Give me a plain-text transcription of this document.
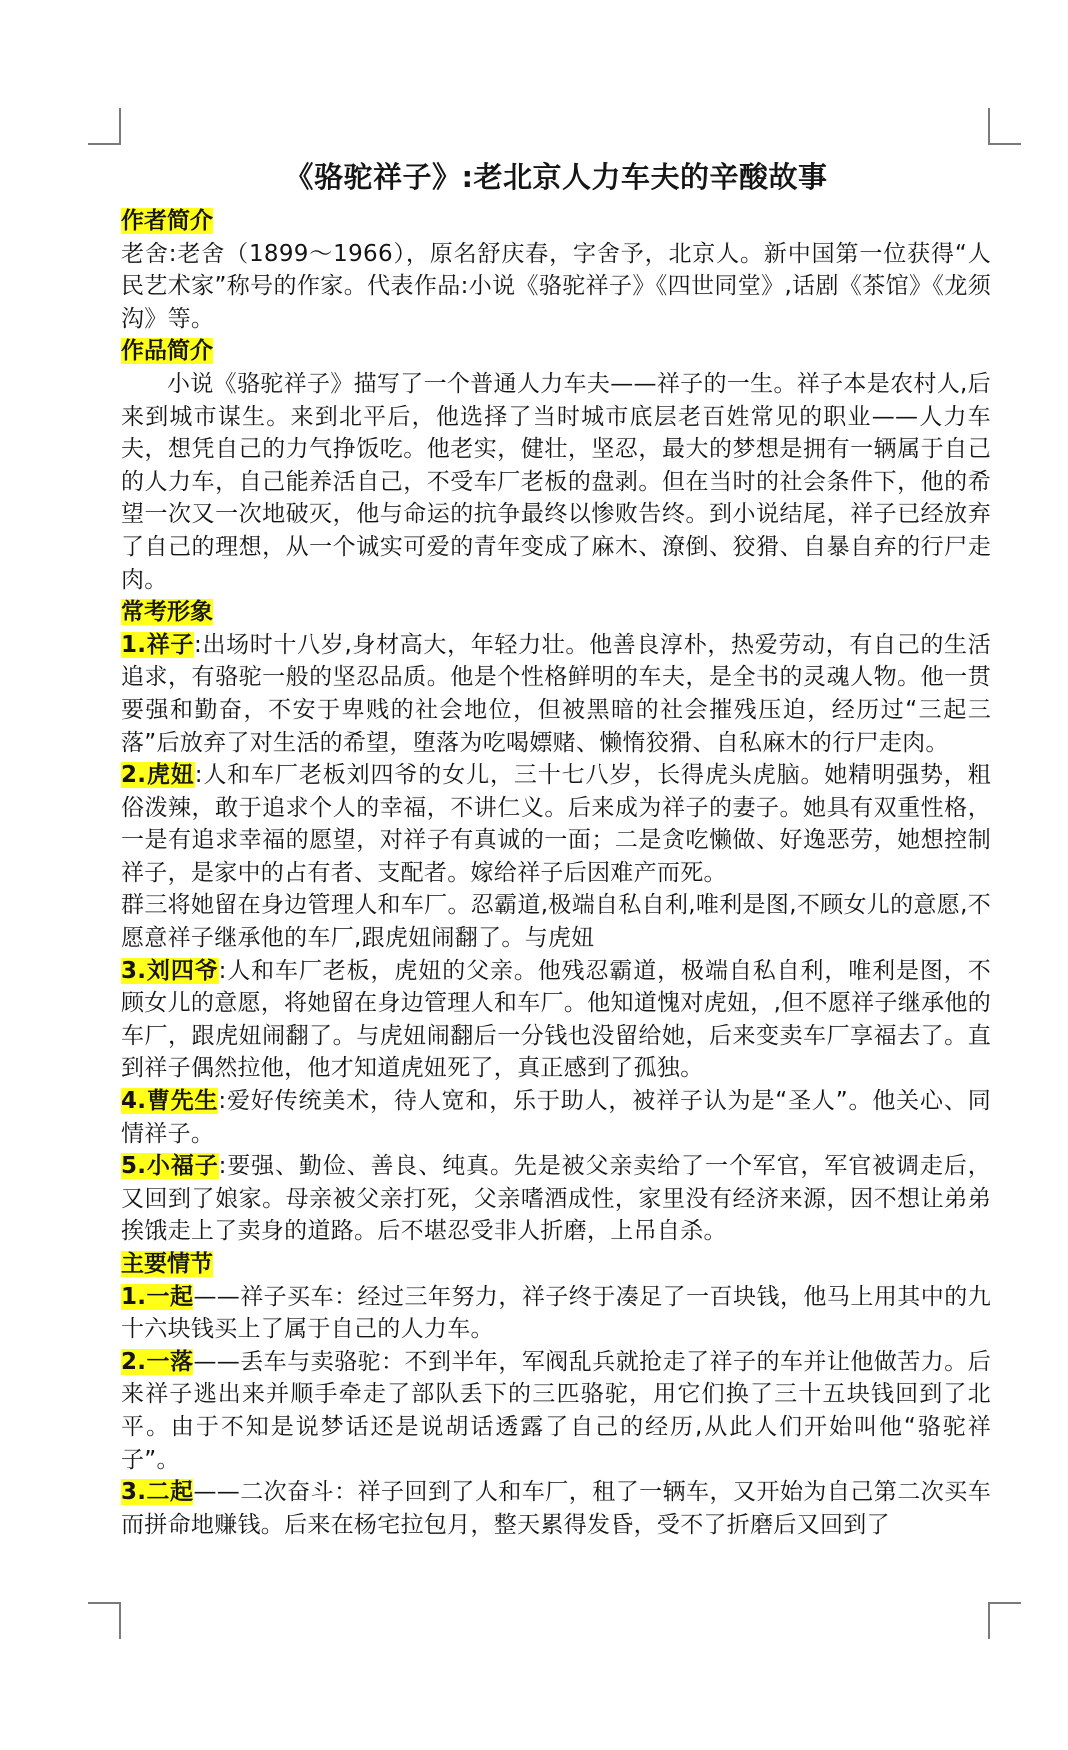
《骆驼祥子》:老北京人力车夫的辛酸故事

作者简介

老舍:老舍（1899～1966），原名舒庆春，字舍予，北京人。新中国第一位获得“人民艺术家”称号的作家。代表作品:小说《骆驼祥子》《四世同堂》,话剧《茶馆》《龙须沟》等。

作品简介

小说《骆驼祥子》描写了一个普通人力车夫——祥子的一生。祥子本是农村人,后来到城市谋生。来到北平后，他选择了当时城市底层老百姓常见的职业——人力车夫，想凭自己的力气挣饭吃。他老实，健壮，坚忍，最大的梦想是拥有一辆属于自己的人力车，自己能养活自己，不受车厂老板的盘剥。但在当时的社会条件下，他的希望一次又一次地破灭，他与命运的抗争最终以惨败告终。到小说结尾，祥子已经放弃了自己的理想，从一个诚实可爱的青年变成了麻木、潦倒、狡猾、自暴自弃的行尸走肉。

常考形象

1.祥子:出场时十八岁,身材高大，年轻力壮。他善良淳朴，热爱劳动，有自己的生活追求，有骆驼一般的坚忍品质。他是个性格鲜明的车夫，是全书的灵魂人物。他一贯要强和勤奋，不安于卑贱的社会地位，但被黑暗的社会摧残压迫，经历过“三起三落”后放弃了对生活的希望，堕落为吃喝嫖赌、懒惰狡猾、自私麻木的行尸走肉。

2.虎妞:人和车厂老板刘四爷的女儿，三十七八岁，长得虎头虎脑。她精明强势，粗俗泼辣，敢于追求个人的幸福，不讲仁义。后来成为祥子的妻子。她具有双重性格，一是有追求幸福的愿望，对祥子有真诚的一面；二是贪吃懒做、好逸恶劳，她想控制祥子，是家中的占有者、支配者。嫁给祥子后因难产而死。

群三将她留在身边管理人和车厂。忍霸道,极端自私自利,唯利是图,不顾女儿的意愿,不愿意祥子继承他的车厂,跟虎妞闹翻了。与虎妞

3.刘四爷:人和车厂老板，虎妞的父亲。他残忍霸道，极端自私自利，唯利是图，不顾女儿的意愿，将她留在身边管理人和车厂。他知道愧对虎妞，,但不愿祥子继承他的车厂，跟虎妞闹翻了。与虎妞闹翻后一分钱也没留给她，后来变卖车厂享福去了。直到祥子偶然拉他，他才知道虎妞死了，真正感到了孤独。

4.曹先生:爱好传统美术，待人宽和，乐于助人，被祥子认为是“圣人”。他关心、同情祥子。

5.小福子:要强、勤俭、善良、纯真。先是被父亲卖给了一个军官，军官被调走后，又回到了娘家。母亲被父亲打死，父亲嗜酒成性，家里没有经济来源，因不想让弟弟挨饿走上了卖身的道路。后不堪忍受非人折磨，上吊自杀。

主要情节

1.一起——祥子买车：经过三年努力，祥子终于凑足了一百块钱，他马上用其中的九十六块钱买上了属于自己的人力车。

2.一落——丢车与卖骆驼：不到半年，军阀乱兵就抢走了祥子的车并让他做苦力。后来祥子逃出来并顺手牵走了部队丢下的三匹骆驼，用它们换了三十五块钱回到了北平。由于不知是说梦话还是说胡话透露了自己的经历,从此人们开始叫他“骆驼祥子”。

3.二起——二次奋斗：祥子回到了人和车厂，租了一辆车，又开始为自己第二次买车而拼命地赚钱。后来在杨宅拉包月，整天累得发昏，受不了折磨后又回到了
